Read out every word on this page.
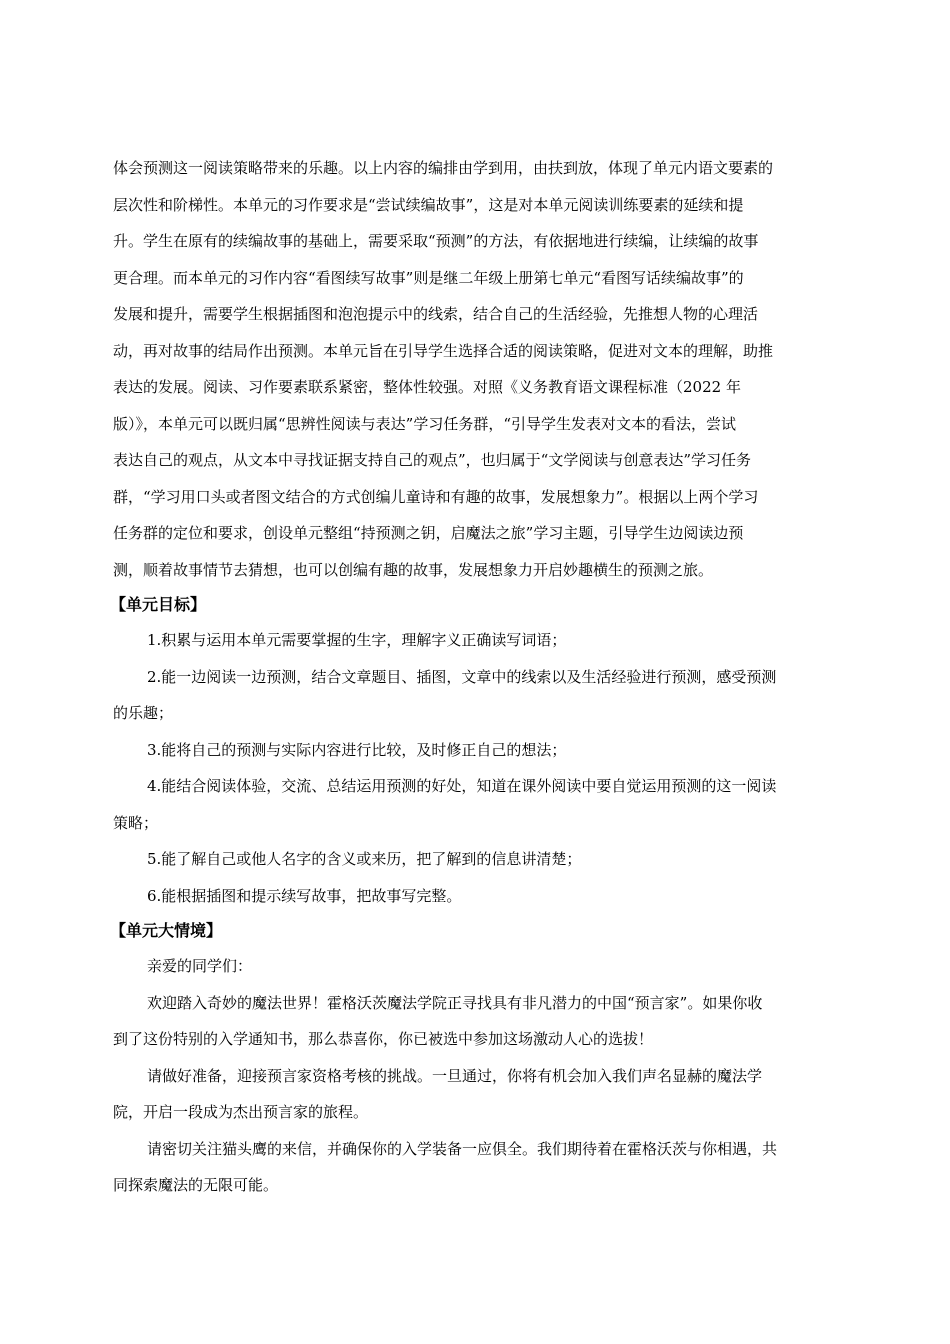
体会预测这一阅读策略带来的乐趣。以上内容的编排由学到用，由扶到放，体现了单元内语文要素的
层次性和阶梯性。本单元的习作要求是“尝试续编故事”，这是对本单元阅读训练要素的延续和提
升。学生在原有的续编故事的基础上，需要采取“预测”的方法，有依据地进行续编，让续编的故事
更合理。而本单元的习作内容“看图续写故事”则是继二年级上册第七单元“看图写话续编故事”的
发展和提升，需要学生根据插图和泡泡提示中的线索，结合自己的生活经验，先推想人物的心理活
动，再对故事的结局作出预测。本单元旨在引导学生选择合适的阅读策略，促进对文本的理解，助推
表达的发展。阅读、习作要素联系紧密，整体性较强。对照《义务教育语文课程标准（2022 年
版）》，本单元可以既归属“思辨性阅读与表达”学习任务群，“引导学生发表对文本的看法，尝试
表达自己的观点，从文本中寻找证据支持自己的观点”，也归属于“文学阅读与创意表达”学习任务
群，“学习用口头或者图文结合的方式创编儿童诗和有趣的故事，发展想象力”。根据以上两个学习
任务群的定位和要求，创设单元整组“持预测之钥，启魔法之旅”学习主题，引导学生边阅读边预
测，顺着故事情节去猜想，也可以创编有趣的故事，发展想象力开启妙趣横生的预测之旅。
【单元目标】
1.积累与运用本单元需要掌握的生字，理解字义正确读写词语；
2.能一边阅读一边预测，结合文章题目、插图，文章中的线索以及生活经验进行预测，感受预测
的乐趣；
3.能将自己的预测与实际内容进行比较，及时修正自己的想法；
4.能结合阅读体验，交流、总结运用预测的好处，知道在课外阅读中要自觉运用预测的这一阅读
策略；
5.能了解自己或他人名字的含义或来历，把了解到的信息讲清楚；
6.能根据插图和提示续写故事，把故事写完整。
【单元大情境】
亲爱的同学们：
欢迎踏入奇妙的魔法世界！霍格沃茨魔法学院正寻找具有非凡潜力的中国“预言家”。如果你收
到了这份特别的入学通知书，那么恭喜你，你已被选中参加这场激动人心的选拔！
请做好准备，迎接预言家资格考核的挑战。一旦通过，你将有机会加入我们声名显赫的魔法学
院，开启一段成为杰出预言家的旅程。
请密切关注猫头鹰的来信，并确保你的入学装备一应俱全。我们期待着在霍格沃茨与你相遇，共
同探索魔法的无限可能。
